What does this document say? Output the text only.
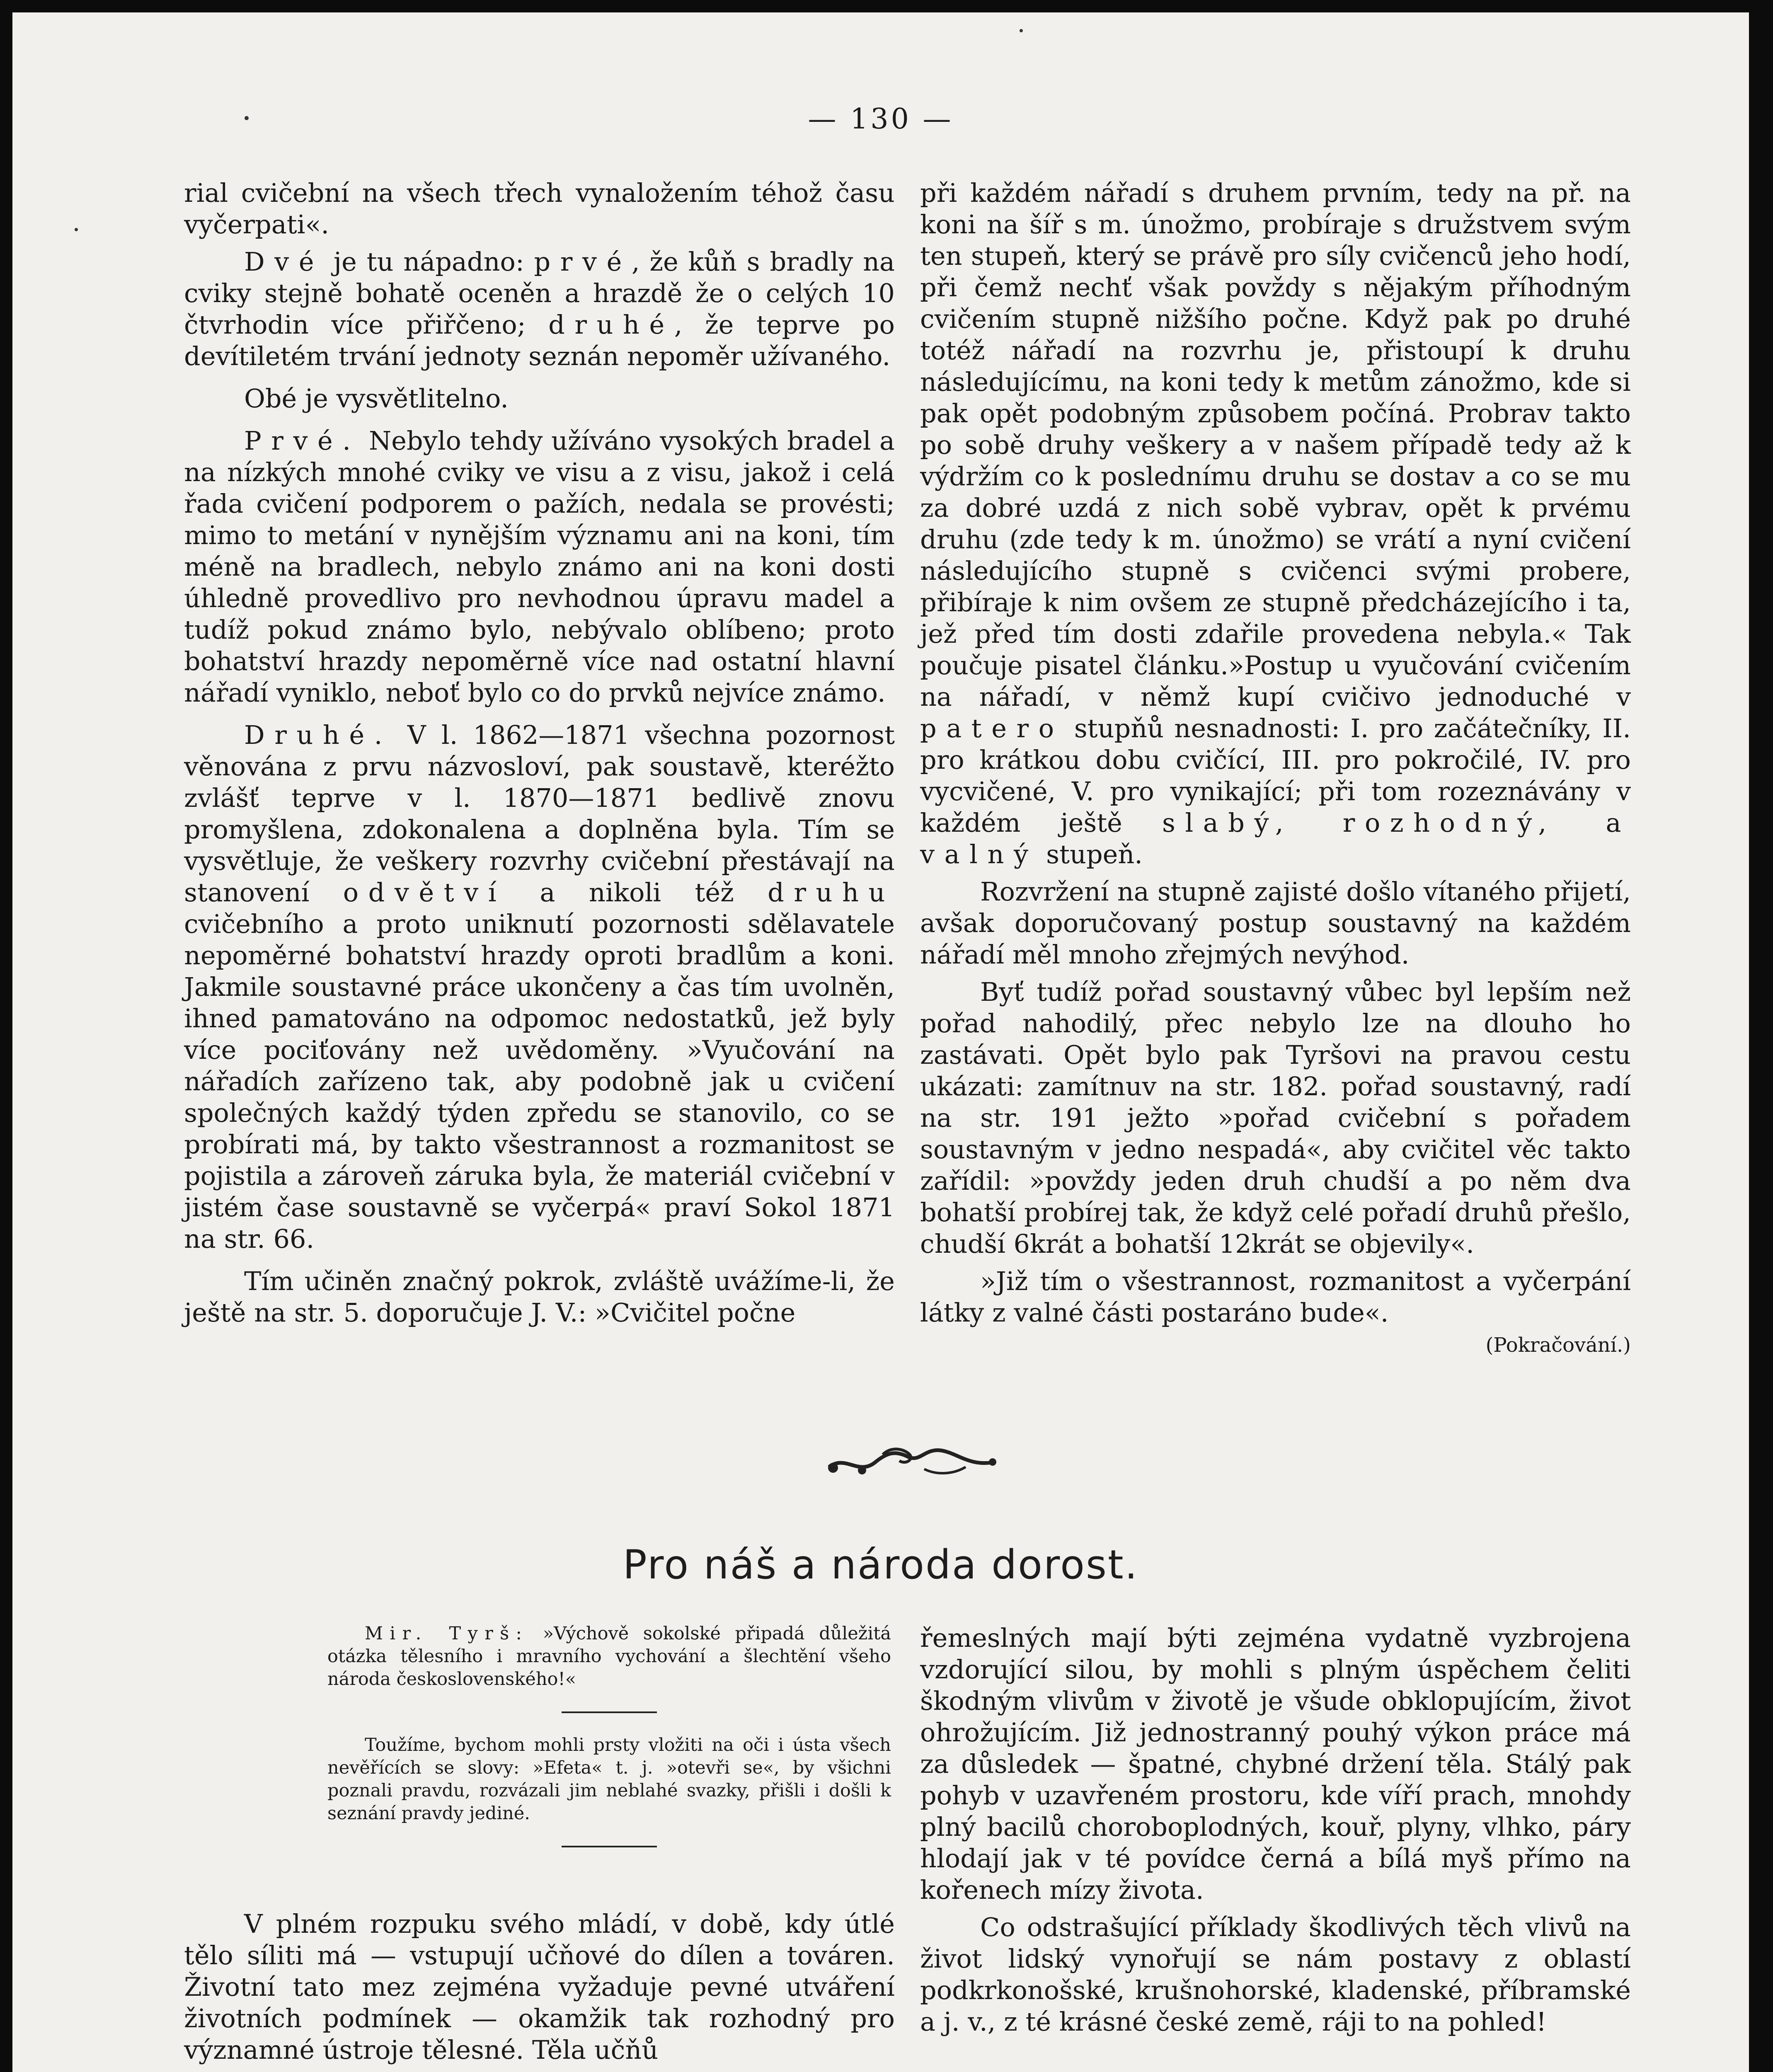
— 130 —

rial cvičební na všech třech vynaložením téhož času vyčerpati«.

Dvé je tu nápadno: prvé, že kůň s bradly na cviky stejně bohatě oceněn a hrazdě že o celých 10 čtvrhodin více přiřčeno; druhé, že teprve po devítiletém trvání jednoty seznán nepoměr užívaného.

Obé je vysvětlitelno.

Prvé. Nebylo tehdy užíváno vysokých bradel a na nízkých mnohé cviky ve visu a z visu, jakož i celá řada cvičení podporem o pažích, nedala se provésti; mimo to metání v nynějším významu ani na koni, tím méně na bradlech, nebylo známo ani na koni dosti úhledně provedlivo pro nevhodnou úpravu madel a tudíž pokud známo bylo, nebývalo oblíbeno; proto bohatství hrazdy nepoměrně více nad ostatní hlavní nářadí vyniklo, neboť bylo co do prvků nejvíce známo.

Druhé. V l. 1862—1871 všechna pozornost věnována z prvu názvosloví, pak soustavě, kteréžto zvlášť teprve v l. 1870—1871 bedlivě znovu promyšlena, zdokonalena a doplněna byla. Tím se vysvětluje, že veškery rozvrhy cvičební přestávají na stanovení odvětví a nikoli též druhu cvičebního a proto uniknutí pozornosti sdělavatele nepoměrné bohatství hrazdy oproti bradlům a koni. Jakmile soustavné práce ukončeny a čas tím uvolněn, ihned pamatováno na odpomoc nedostatků, jež byly více pociťovány než uvědoměny. »Vyučování na nářadích zařízeno tak, aby podobně jak u cvičení společných každý týden zpředu se stanovilo, co se probírati má, by takto všestrannost a rozmanitost se pojistila a zároveň záruka byla, že materiál cvičební v jistém čase soustavně se vyčerpá« praví Sokol 1871 na str. 66.

Tím učiněn značný pokrok, zvláště uvážíme-li, že ještě na str. 5. doporučuje J. V.: »Cvičitel počne

při každém nářadí s druhem prvním, tedy na př. na koni na šíř s m. únožmo, probíraje s družstvem svým ten stupeň, který se právě pro síly cvičenců jeho hodí, při čemž nechť však povždy s nějakým příhodným cvičením stupně nižšího počne. Když pak po druhé totéž nářadí na rozvrhu je, přistoupí k druhu následujícímu, na koni tedy k metům zánožmo, kde si pak opět podobným způsobem počíná. Probrav takto po sobě druhy veškery a v našem případě tedy až k výdržím co k poslednímu druhu se dostav a co se mu za dobré uzdá z nich sobě vybrav, opět k prvému druhu (zde tedy k m. únožmo) se vrátí a nyní cvičení následujícího stupně s cvičenci svými probere, přibíraje k nim ovšem ze stupně předcházejícího i ta, jež před tím dosti zdařile provedena nebyla.« Tak poučuje pisatel článku.»Postup u vyučování cvičením na nářadí, v němž kupí cvičivo jednoduché v patero stupňů nesnadnosti: I. pro začátečníky, II. pro krátkou dobu cvičící, III. pro pokročilé, IV. pro vycvičené, V. pro vynikající; při tom rozeznávány v každém ještě slabý, rozhodný, a valný stupeň.

Rozvržení na stupně zajisté došlo vítaného přijetí, avšak doporučovaný postup soustavný na každém nářadí měl mnoho zřejmých nevýhod.

Byť tudíž pořad soustavný vůbec byl lepším než pořad nahodilý, přec nebylo lze na dlouho ho zastávati. Opět bylo pak Tyršovi na pravou cestu ukázati: zamítnuv na str. 182. pořad soustavný, radí na str. 191 ježto »pořad cvičební s pořadem soustavným v jedno nespadá«, aby cvičitel věc takto zařídil: »povždy jeden druh chudší a po něm dva bohatší probírej tak, že když celé pořadí druhů přešlo, chudší 6krát a bohatší 12krát se objevily«.

»Již tím o všestrannost, rozmanitost a vyčerpání látky z valné části postaráno bude«.

(Pokračování.)
Pro náš a národa dorost.

Mir. Tyrš: »Výchově sokolské připadá důležitá otázka tělesního i mravního vychování a šlechtění všeho národa československého!«

Toužíme, bychom mohli prsty vložiti na oči i ústa všech nevěřících se slovy: »Efeta« t. j. »otevři se«, by všichni poznali pravdu, rozvázali jim neblahé svazky, přišli i došli k seznání pravdy jediné.

V plném rozpuku svého mládí, v době, kdy útlé tělo síliti má — vstupují učňové do dílen a továren. Životní tato mez zejména vyžaduje pevné utváření životních podmínek — okamžik tak rozhodný pro významné ústroje tělesné. Těla učňů

řemeslných mají býti zejména vydatně vyzbrojena vzdorující silou, by mohli s plným úspěchem čeliti škodným vlivům v životě je všude obklopujícím, život ohrožujícím. Již jednostranný pouhý výkon práce má za důsledek — špatné, chybné držení těla. Stálý pak pohyb v uzavřeném prostoru, kde víří prach, mnohdy plný bacilů choroboplodných, kouř, plyny, vlhko, páry hlodají jak v té povídce černá a bílá myš přímo na kořenech mízy života.

Co odstrašující příklady škodlivých těch vlivů na život lidský vynořují se nám postavy z oblastí podkrkonošské, krušnohorské, kladenské, příbramské a j. v., z té krásné české země, ráji to na pohled!
